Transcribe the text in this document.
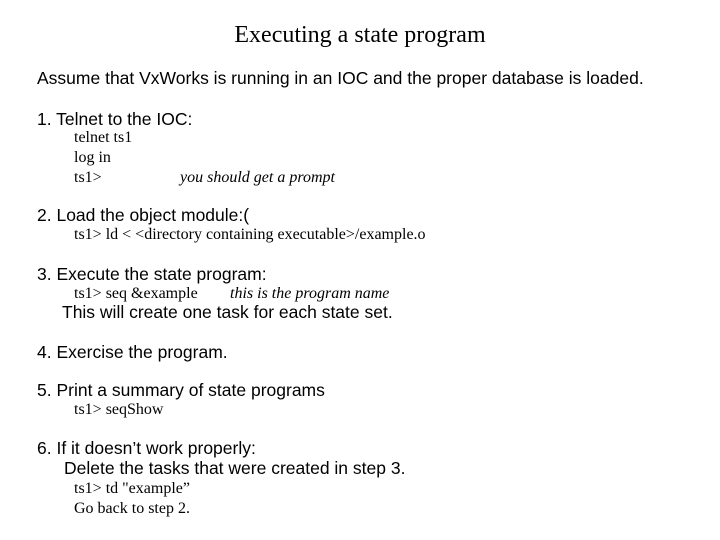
Executing a state program
Assume that VxWorks is running in an IOC and the proper database is loaded.
1. Telnet to the IOC:
telnet ts1
log in
ts1>	you should get a prompt
2. Load the object module:(
ts1> ld < <directory containing executable>/example.o
3. Execute the state program:
ts1> seq &example this is the program name
This will create one task for each state set.
4. Exercise the program.
5. Print a summary of state programs
ts1> seqShow
6. If it doesn’t work properly:
Delete the tasks that were created in step 3.
ts1> td "example”
Go back to step 2.
